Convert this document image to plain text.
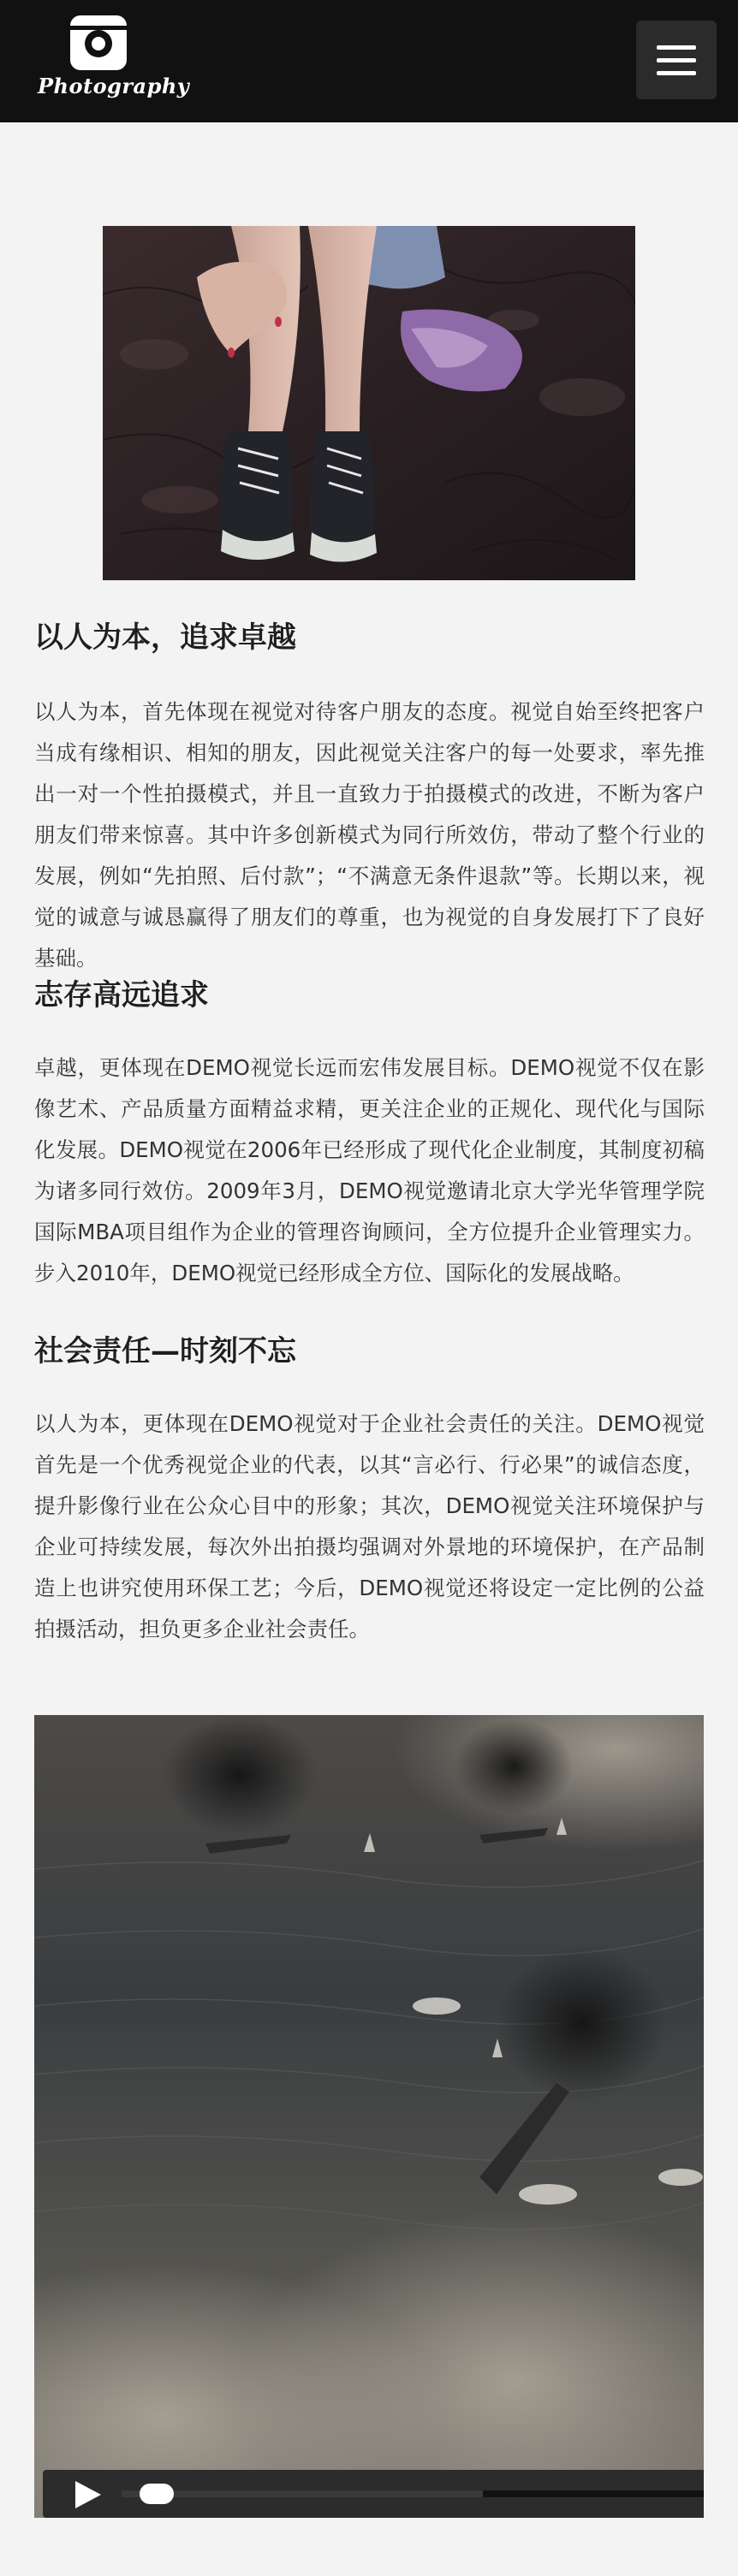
Photography
以人为本，追求卓越

以人为本，首先体现在视觉对待客户朋友的态度。视觉自始至终把客户当成有缘相识、相知的朋友，因此视觉关注客户的每一处要求，率先推出一对一个性拍摄模式，并且一直致力于拍摄模式的改进，不断为客户朋友们带来惊喜。其中许多创新模式为同行所效仿，带动了整个行业的发展，例如“先拍照、后付款”；“不满意无条件退款”等。长期以来，视觉的诚意与诚恳赢得了朋友们的尊重，也为视觉的自身发展打下了良好基础。

志存高远追求

卓越，更体现在DEMO视觉长远而宏伟发展目标。DEMO视觉不仅在影像艺术、产品质量方面精益求精，更关注企业的正规化、现代化与国际化发展。DEMO视觉在2006年已经形成了现代化企业制度，其制度初稿为诸多同行效仿。2009年3月，DEMO视觉邀请北京大学光华管理学院国际MBA项目组作为企业的管理咨询顾问，全方位提升企业管理实力。步入2010年，DEMO视觉已经形成全方位、国际化的发展战略。

社会责任—时刻不忘

以人为本，更体现在DEMO视觉对于企业社会责任的关注。DEMO视觉首先是一个优秀视觉企业的代表，以其“言必行、行必果”的诚信态度，提升影像行业在公众心目中的形象；其次，DEMO视觉关注环境保护与企业可持续发展，每次外出拍摄均强调对外景地的环境保护，在产品制造上也讲究使用环保工艺；今后，DEMO视觉还将设定一定比例的公益拍摄活动，担负更多企业社会责任。
